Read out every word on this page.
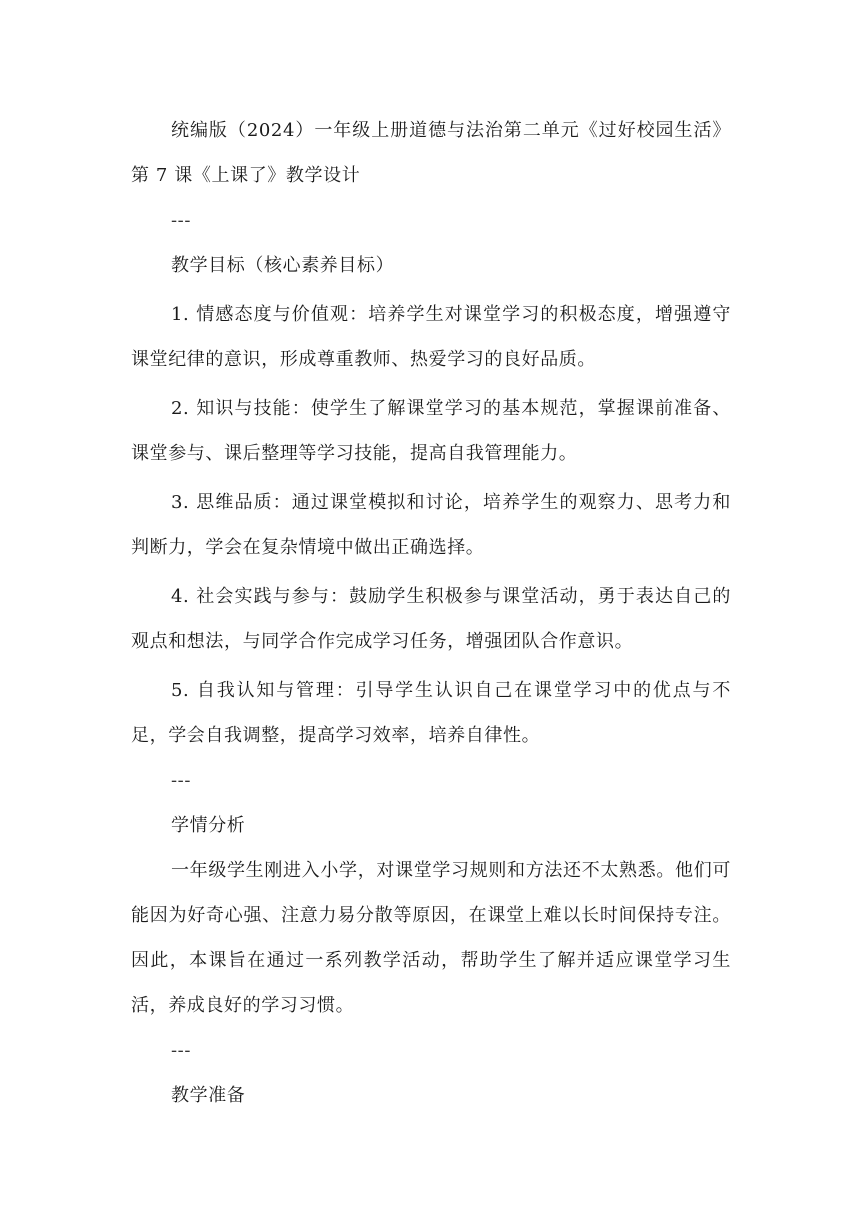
统编版（2024）一年级上册道德与法治第二单元《过好校园生活》第 7 课《上课了》教学设计

---

教学目标（核心素养目标）

1. 情感态度与价值观：培养学生对课堂学习的积极态度，增强遵守课堂纪律的意识，形成尊重教师、热爱学习的良好品质。

2. 知识与技能：使学生了解课堂学习的基本规范，掌握课前准备、课堂参与、课后整理等学习技能，提高自我管理能力。

3. 思维品质：通过课堂模拟和讨论，培养学生的观察力、思考力和判断力，学会在复杂情境中做出正确选择。

4. 社会实践与参与：鼓励学生积极参与课堂活动，勇于表达自己的观点和想法，与同学合作完成学习任务，增强团队合作意识。

5. 自我认知与管理：引导学生认识自己在课堂学习中的优点与不足，学会自我调整，提高学习效率，培养自律性。

---

学情分析

一年级学生刚进入小学，对课堂学习规则和方法还不太熟悉。他们可能因为好奇心强、注意力易分散等原因，在课堂上难以长时间保持专注。因此，本课旨在通过一系列教学活动，帮助学生了解并适应课堂学习生活，养成良好的学习习惯。

---

教学准备
